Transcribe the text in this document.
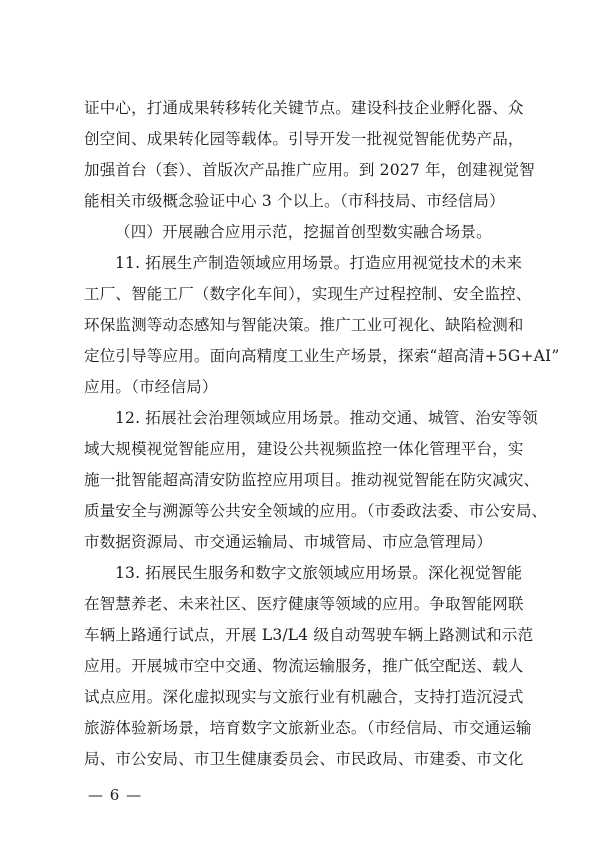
证中心，打通成果转移转化关键节点。建设科技企业孵化器、众
创空间、成果转化园等载体。引导开发一批视觉智能优势产品，
加强首台（套）、首版次产品推广应用。到 2027 年，创建视觉智
能相关市级概念验证中心 3 个以上。（市科技局、市经信局）
（四）开展融合应用示范，挖掘首创型数实融合场景。
11. 拓展生产制造领域应用场景。打造应用视觉技术的未来
工厂、智能工厂（数字化车间），实现生产过程控制、安全监控、
环保监测等动态感知与智能决策。推广工业可视化、缺陷检测和
定位引导等应用。面向高精度工业生产场景，探索“超高清+5G+AI”
应用。（市经信局）
12. 拓展社会治理领域应用场景。推动交通、城管、治安等领
域大规模视觉智能应用，建设公共视频监控一体化管理平台，实
施一批智能超高清安防监控应用项目。推动视觉智能在防灾减灾、
质量安全与溯源等公共安全领域的应用。（市委政法委、市公安局、
市数据资源局、市交通运输局、市城管局、市应急管理局）
13. 拓展民生服务和数字文旅领域应用场景。深化视觉智能
在智慧养老、未来社区、医疗健康等领域的应用。争取智能网联
车辆上路通行试点，开展 L3/L4 级自动驾驶车辆上路测试和示范
应用。开展城市空中交通、物流运输服务，推广低空配送、载人
试点应用。深化虚拟现实与文旅行业有机融合，支持打造沉浸式
旅游体验新场景，培育数字文旅新业态。（市经信局、市交通运输
局、市公安局、市卫生健康委员会、市民政局、市建委、市文化
— 6 —
